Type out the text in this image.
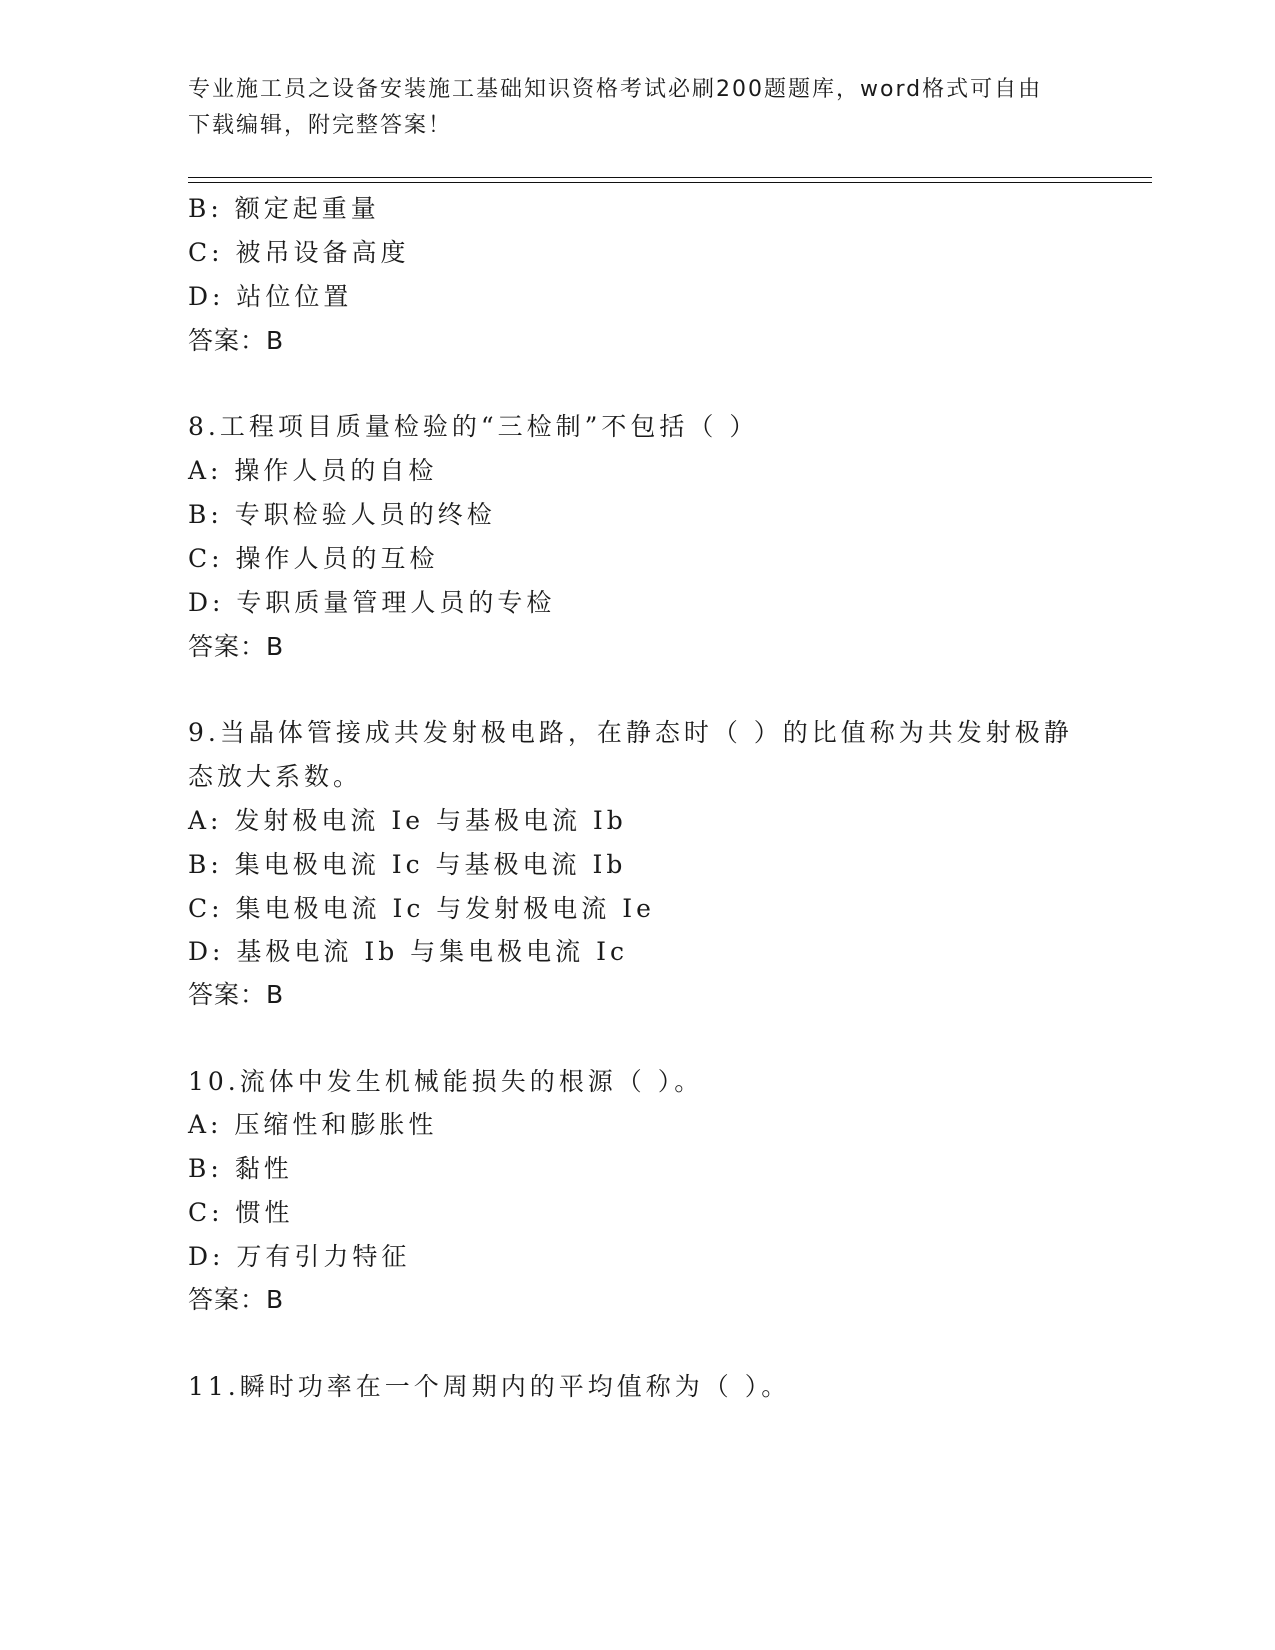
专业施工员之设备安装施工基础知识资格考试必刷200题题库，word格式可自由
下载编辑，附完整答案！
B: 额定起重量
C: 被吊设备高度
D: 站位位置
答案：B
8.工程项目质量检验的“三检制”不包括（ ）
A: 操作人员的自检
B: 专职检验人员的终检
C: 操作人员的互检
D: 专职质量管理人员的专检
答案：B
9.当晶体管接成共发射极电路，在静态时（ ）的比值称为共发射极静
态放大系数。
A: 发射极电流 Ie 与基极电流 Ib
B: 集电极电流 Ic 与基极电流 Ib
C: 集电极电流 Ic 与发射极电流 Ie
D: 基极电流 Ib 与集电极电流 Ic
答案：B
10.流体中发生机械能损失的根源（ ）。
A: 压缩性和膨胀性
B: 黏性
C: 惯性
D: 万有引力特征
答案：B
11.瞬时功率在一个周期内的平均值称为（ ）。
